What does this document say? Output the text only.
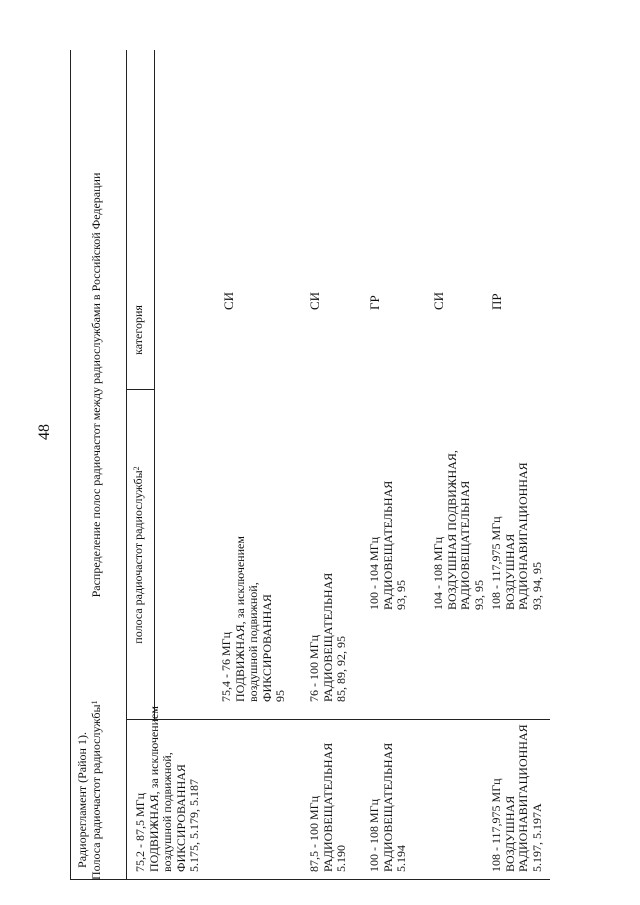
48
Радиорегламент (Район 1). Полоса радиочастот радиослужбы$^1$
Распределение полос радиочастот между радиослужбами в Российской Федерации полоса радиочастот радиослужбы$^2$
категория
75,2 - 87,5 МГц ПОДВИЖНАЯ, за исключением воздушной подвижной, ФИКСИРОВАННАЯ 5.175, 5.179, 5.187
75,4 - 76 МГц ПОДВИЖНАЯ, за исключением воздушной подвижной, ФИКСИРОВАННАЯ 95
СИ
87,5 - 100 МГц РАДИОВЕЩАТЕЛЬНАЯ 5.190
76 - 100 МГц РАДИОВЕЩАТЕЛЬНАЯ 85, 89, 92, 95
СИ
100 - 108 МГц РАДИОВЕЩАТЕЛЬНАЯ 5.194
100 - 104 МГц РАДИОВЕЩАТЕЛЬНАЯ 93, 95
ГР
104 - 108 МГц ВОЗДУШНАЯ ПОДВИЖНАЯ, РАДИОВЕЩАТЕЛЬНАЯ 93, 95
СИ
108 - 117,975 МГц ВОЗДУШНАЯ РАДИОНАВИГАЦИОННАЯ 5.197, 5.197А
108 - 117,975 МГц ВОЗДУШНАЯ РАДИОНАВИГАЦИОННАЯ 93, 94, 95
ПР
